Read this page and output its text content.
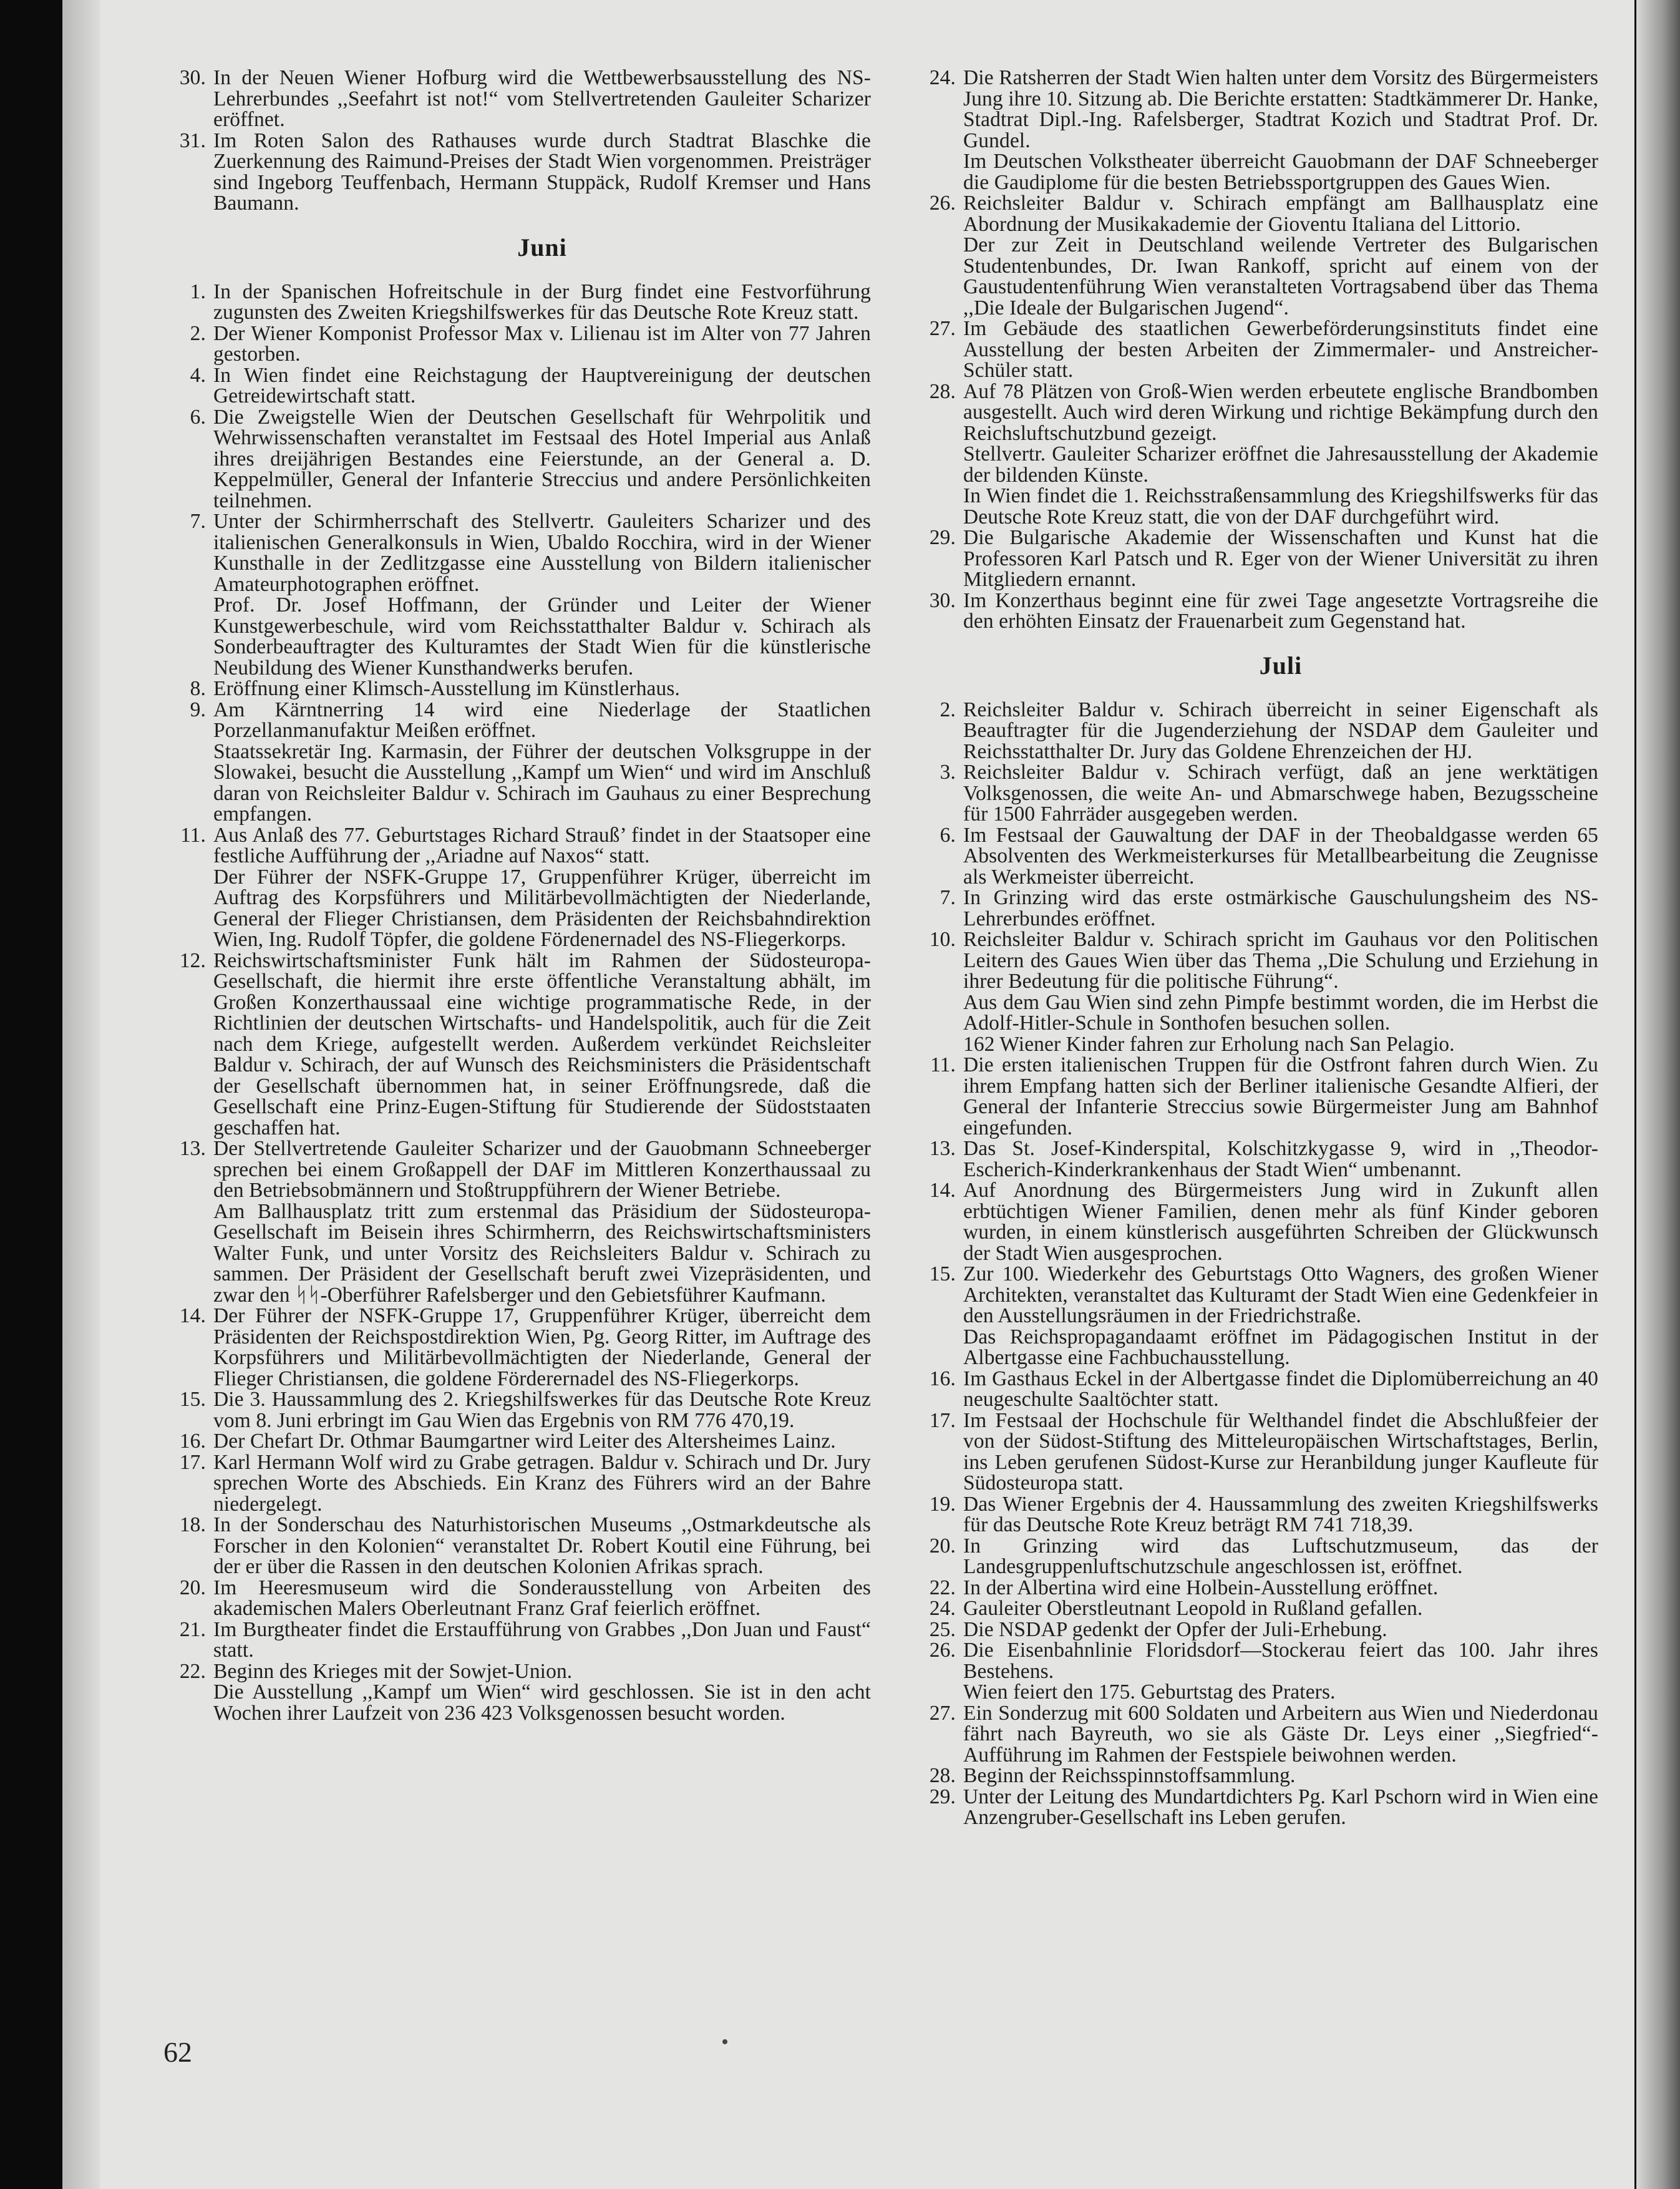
30. In der Neuen Wiener Hofburg wird die Wettbewerbsausstellung des NS-Lehrerbundes ,,Seefahrt ist not!“ vom Stellvertretenden Gauleiter Scharizer eröffnet.

31. Im Roten Salon des Rathauses wurde durch Stadtrat Blaschke die Zuerkennung des Raimund-Preises der Stadt Wien vorgenommen. Preisträger sind Ingeborg Teuffenbach, Hermann Stuppäck, Rudolf Kremser und Hans Baumann.

Juni
1. In der Spanischen Hofreitschule in der Burg findet eine Festvorführung zugunsten des Zweiten Kriegshilfswerkes für das Deutsche Rote Kreuz statt.

2. Der Wiener Komponist Professor Max v. Lilienau ist im Alter von 77 Jahren gestorben.

4. In Wien findet eine Reichstagung der Hauptvereinigung der deutschen Getreidewirtschaft statt.

6. Die Zweigstelle Wien der Deutschen Gesellschaft für Wehrpolitik und Wehrwissenschaften veranstaltet im Festsaal des Hotel Imperial aus Anlaß ihres dreijährigen Bestandes eine Feierstunde, an der General a. D. Keppelmüller, General der Infanterie Streccius und andere Persönlichkeiten teilnehmen.

7. Unter der Schirmherrschaft des Stellvertr. Gauleiters Scharizer und des italienischen Generalkonsuls in Wien, Ubaldo Rocchira, wird in der Wiener Kunsthalle in der Zedlitzgasse eine Ausstellung von Bildern italienischer Amateurphotographen eröffnet.

Prof. Dr. Josef Hoffmann, der Gründer und Leiter der Wiener Kunstgewerbeschule, wird vom Reichsstatthalter Baldur v. Schirach als Sonderbeauftragter des Kulturamtes der Stadt Wien für die künstlerische Neubildung des Wiener Kunsthandwerks berufen.

8. Eröffnung einer Klimsch-Ausstellung im Künstlerhaus.

9. Am Kärntnerring 14 wird eine Niederlage der Staatlichen Porzellanmanufaktur Meißen eröffnet.

Staatssekretär Ing. Karmasin, der Führer der deutschen Volksgruppe in der Slowakei, besucht die Ausstellung ,,Kampf um Wien“ und wird im Anschluß daran von Reichsleiter Baldur v. Schirach im Gauhaus zu einer Besprechung empfangen.

11. Aus Anlaß des 77. Geburtstages Richard Strauß’ findet in der Staatsoper eine festliche Aufführung der ,,Ariadne auf Naxos“ statt.

Der Führer der NSFK-Gruppe 17, Gruppenführer Krüger, überreicht im Auftrag des Korpsführers und Militärbevollmächtigten der Niederlande, General der Flieger Christiansen, dem Präsidenten der Reichsbahndirektion Wien, Ing. Rudolf Töpfer, die goldene Fördenernadel des NS-Fliegerkorps.

12. Reichswirtschaftsminister Funk hält im Rahmen der Südosteuropa-Gesellschaft, die hiermit ihre erste öffentliche Veranstaltung abhält, im Großen Konzerthaussaal eine wichtige programmatische Rede, in der Richtlinien der deutschen Wirtschafts- und Handelspolitik, auch für die Zeit nach dem Kriege, aufgestellt werden. Außerdem verkündet Reichsleiter Baldur v. Schirach, der auf Wunsch des Reichsministers die Präsidentschaft der Gesellschaft übernommen hat, in seiner Eröffnungsrede, daß die Gesellschaft eine Prinz-Eugen-Stiftung für Studierende der Südoststaaten geschaffen hat.

13. Der Stellvertretende Gauleiter Scharizer und der Gauobmann Schneeberger sprechen bei einem Großappell der DAF im Mittleren Konzerthaussaal zu den Betriebsobmännern und Stoßtruppführern der Wiener Betriebe.

Am Ballhausplatz tritt zum erstenmal das Präsidium der Südosteuropa-Gesellschaft im Beisein ihres Schirmherrn, des Reichswirtschaftsministers Walter Funk, und unter Vorsitz des Reichsleiters Baldur v. Schirach zu sammen. Der Präsident der Gesellschaft beruft zwei Vizepräsidenten, und zwar den ᛋᛋ-Oberführer Rafelsberger und den Gebietsführer Kaufmann.

14. Der Führer der NSFK-Gruppe 17, Gruppenführer Krüger, überreicht dem Präsidenten der Reichspostdirektion Wien, Pg. Georg Ritter, im Auftrage des Korpsführers und Militärbevollmächtigten der Niederlande, General der Flieger Christiansen, die goldene Förderernadel des NS-Fliegerkorps.

15. Die 3. Haussammlung des 2. Kriegshilfswerkes für das Deutsche Rote Kreuz vom 8. Juni erbringt im Gau Wien das Ergebnis von RM 776 470,19.

16. Der Chefart Dr. Othmar Baumgartner wird Leiter des Altersheimes Lainz.

17. Karl Hermann Wolf wird zu Grabe getragen. Baldur v. Schirach und Dr. Jury sprechen Worte des Abschieds. Ein Kranz des Führers wird an der Bahre niedergelegt.

18. In der Sonderschau des Naturhistorischen Museums ,,Ostmarkdeutsche als Forscher in den Kolonien“ veranstaltet Dr. Robert Koutil eine Führung, bei der er über die Rassen in den deutschen Kolonien Afrikas sprach.

20. Im Heeresmuseum wird die Sonderausstellung von Arbeiten des akademischen Malers Oberleutnant Franz Graf feierlich eröffnet.

21. Im Burgtheater findet die Erstaufführung von Grabbes ,,Don Juan und Faust“ statt.

22. Beginn des Krieges mit der Sowjet-Union.

Die Ausstellung ,,Kampf um Wien“ wird geschlossen. Sie ist in den acht Wochen ihrer Laufzeit von 236 423 Volksgenossen besucht worden.

24. Die Ratsherren der Stadt Wien halten unter dem Vorsitz des Bürgermeisters Jung ihre 10. Sitzung ab. Die Berichte erstatten: Stadtkämmerer Dr. Hanke, Stadtrat Dipl.-Ing. Rafelsberger, Stadtrat Kozich und Stadtrat Prof. Dr. Gundel.

Im Deutschen Volkstheater überreicht Gauobmann der DAF Schneeberger die Gaudiplome für die besten Betriebssportgruppen des Gaues Wien.

26. Reichsleiter Baldur v. Schirach empfängt am Ballhausplatz eine Abordnung der Musikakademie der Gioventu Italiana del Littorio.

Der zur Zeit in Deutschland weilende Vertreter des Bulgarischen Studentenbundes, Dr. Iwan Rankoff, spricht auf einem von der Gaustudentenführung Wien veranstalteten Vortragsabend über das Thema ,,Die Ideale der Bulgarischen Jugend“.

27. Im Gebäude des staatlichen Gewerbeförderungsinstituts findet eine Ausstellung der besten Arbeiten der Zimmermaler- und Anstreicher-Schüler statt.

28. Auf 78 Plätzen von Groß-Wien werden erbeutete englische Brandbomben ausgestellt. Auch wird deren Wirkung und richtige Bekämpfung durch den Reichsluftschutzbund gezeigt.

Stellvertr. Gauleiter Scharizer eröffnet die Jahresausstellung der Akademie der bildenden Künste.

In Wien findet die 1. Reichsstraßensammlung des Kriegshilfswerks für das Deutsche Rote Kreuz statt, die von der DAF durchgeführt wird.

29. Die Bulgarische Akademie der Wissenschaften und Kunst hat die Professoren Karl Patsch und R. Eger von der Wiener Universität zu ihren Mitgliedern ernannt.

30. Im Konzerthaus beginnt eine für zwei Tage angesetzte Vortragsreihe die den erhöhten Einsatz der Frauenarbeit zum Gegenstand hat.

Juli
2. Reichsleiter Baldur v. Schirach überreicht in seiner Eigenschaft als Beauftragter für die Jugenderziehung der NSDAP dem Gauleiter und Reichsstatthalter Dr. Jury das Goldene Ehrenzeichen der HJ.

3. Reichsleiter Baldur v. Schirach verfügt, daß an jene werktätigen Volksgenossen, die weite An- und Abmarschwege haben, Bezugsscheine für 1500 Fahrräder ausgegeben werden.

6. Im Festsaal der Gauwaltung der DAF in der Theobaldgasse werden 65 Absolventen des Werkmeisterkurses für Metallbearbeitung die Zeugnisse als Werkmeister überreicht.

7. In Grinzing wird das erste ostmärkische Gauschulungsheim des NS-Lehrerbundes eröffnet.

10. Reichsleiter Baldur v. Schirach spricht im Gauhaus vor den Politischen Leitern des Gaues Wien über das Thema ,,Die Schulung und Erziehung in ihrer Bedeutung für die politische Führung“.

Aus dem Gau Wien sind zehn Pimpfe bestimmt worden, die im Herbst die Adolf-Hitler-Schule in Sonthofen besuchen sollen.

162 Wiener Kinder fahren zur Erholung nach San Pelagio.

11. Die ersten italienischen Truppen für die Ostfront fahren durch Wien. Zu ihrem Empfang hatten sich der Berliner italienische Gesandte Alfieri, der General der Infanterie Streccius sowie Bürgermeister Jung am Bahnhof eingefunden.

13. Das St. Josef-Kinderspital, Kolschitzkygasse 9, wird in ,,Theodor-Escherich-Kinderkrankenhaus der Stadt Wien“ umbenannt.

14. Auf Anordnung des Bürgermeisters Jung wird in Zukunft allen erbtüchtigen Wiener Familien, denen mehr als fünf Kinder geboren wurden, in einem künstlerisch ausgeführten Schreiben der Glückwunsch der Stadt Wien ausgesprochen.

15. Zur 100. Wiederkehr des Geburtstags Otto Wagners, des großen Wiener Architekten, veranstaltet das Kulturamt der Stadt Wien eine Gedenkfeier in den Ausstellungsräumen in der Friedrichstraße.

Das Reichspropagandaamt eröffnet im Pädagogischen Institut in der Albertgasse eine Fachbuchausstellung.

16. Im Gasthaus Eckel in der Albertgasse findet die Diplomüberreichung an 40 neugeschulte Saaltöchter statt.

17. Im Festsaal der Hochschule für Welthandel findet die Abschlußfeier der von der Südost-Stiftung des Mitteleuropäischen Wirtschaftstages, Berlin, ins Leben gerufenen Südost-Kurse zur Heranbildung junger Kaufleute für Südosteuropa statt.

19. Das Wiener Ergebnis der 4. Haussammlung des zweiten Kriegshilfswerks für das Deutsche Rote Kreuz beträgt RM 741 718,39.

20. In Grinzing wird das Luftschutzmuseum, das der Landesgruppenluftschutzschule angeschlossen ist, eröffnet.

22. In der Albertina wird eine Holbein-Ausstellung eröffnet.

24. Gauleiter Oberstleutnant Leopold in Rußland gefallen.

25. Die NSDAP gedenkt der Opfer der Juli-Erhebung.

26. Die Eisenbahnlinie Floridsdorf—Stockerau feiert das 100. Jahr ihres Bestehens.

Wien feiert den 175. Geburtstag des Praters.

27. Ein Sonderzug mit 600 Soldaten und Arbeitern aus Wien und Niederdonau fährt nach Bayreuth, wo sie als Gäste Dr. Leys einer ,,Siegfried“-Aufführung im Rahmen der Festspiele beiwohnen werden.

28. Beginn der Reichsspinnstoffsammlung.

29. Unter der Leitung des Mundartdichters Pg. Karl Pschorn wird in Wien eine Anzengruber-Gesellschaft ins Leben gerufen.

62
